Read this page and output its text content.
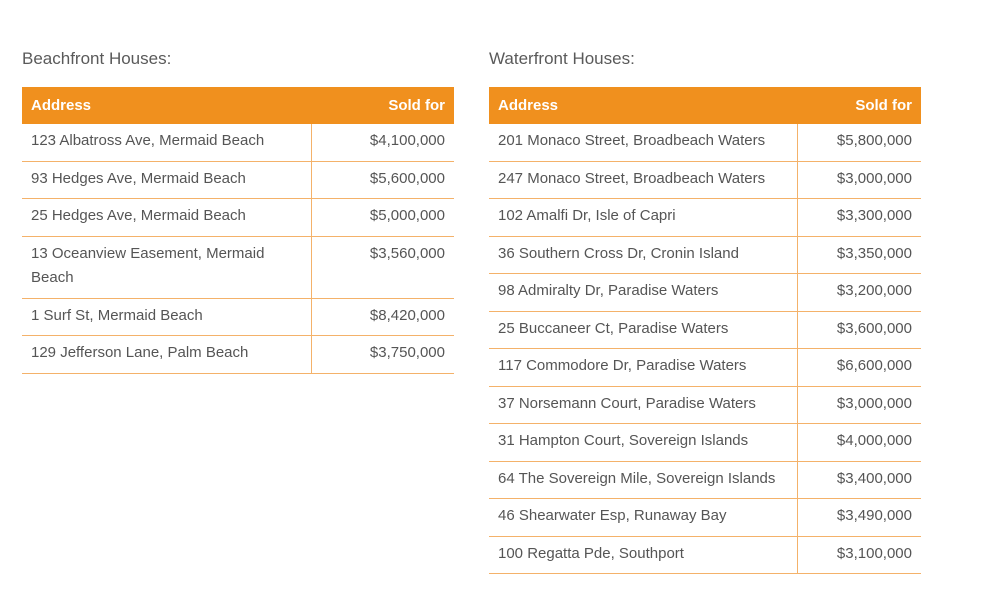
Beachfront Houses:
Address	Sold for
123 Albatross Ave, Mermaid Beach	$4,100,000
93 Hedges Ave, Mermaid Beach	$5,600,000
25 Hedges Ave, Mermaid Beach	$5,000,000
13 Oceanview Easement, Mermaid Beach	$3,560,000
1 Surf St, Mermaid Beach	$8,420,000
129 Jefferson Lane, Palm Beach	$3,750,000
Waterfront Houses:
Address	Sold for
201 Monaco Street, Broadbeach Waters	$5,800,000
247 Monaco Street, Broadbeach Waters	$3,000,000
102 Amalfi Dr, Isle of Capri	$3,300,000
36 Southern Cross Dr, Cronin Island	$3,350,000
98 Admiralty Dr, Paradise Waters	$3,200,000
25 Buccaneer Ct, Paradise Waters	$3,600,000
117 Commodore Dr, Paradise Waters	$6,600,000
37 Norsemann Court, Paradise Waters	$3,000,000
31 Hampton Court, Sovereign Islands	$4,000,000
64 The Sovereign Mile, Sovereign Islands	$3,400,000
46 Shearwater Esp, Runaway Bay	$3,490,000
100 Regatta Pde, Southport	$3,100,000
